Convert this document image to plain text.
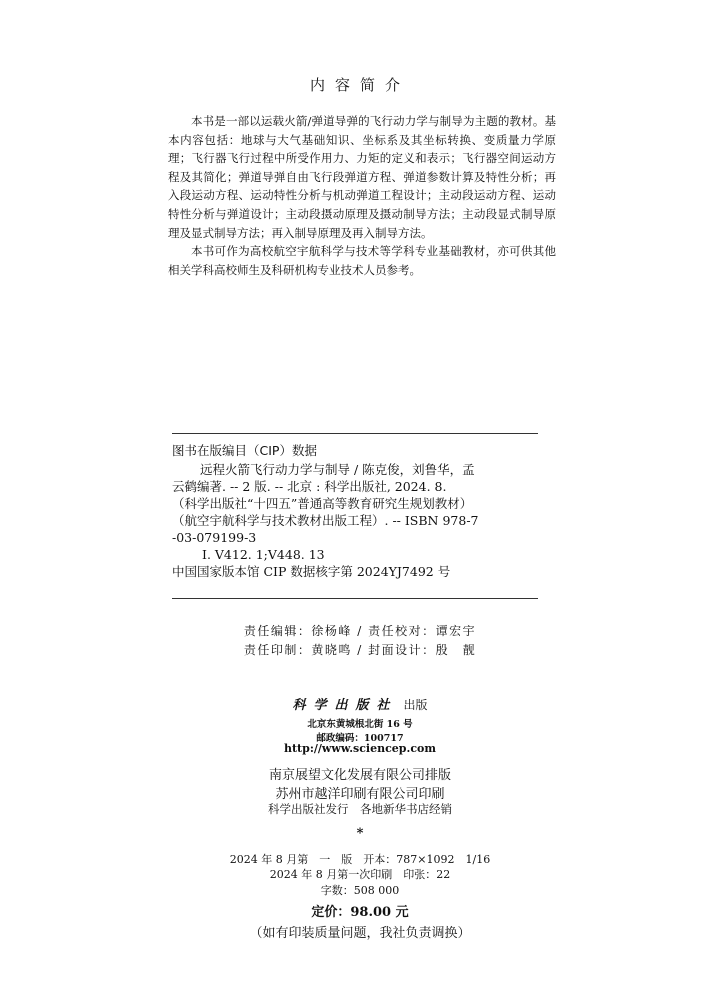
内容简介

本书是一部以运载火箭/弹道导弹的飞行动力学与制导为主题的教材。基本内容包括：地球与大气基础知识、坐标系及其坐标转换、变质量力学原理；飞行器飞行过程中所受作用力、力矩的定义和表示；飞行器空间运动方程及其简化；弹道导弹自由飞行段弹道方程、弹道参数计算及特性分析；再入段运动方程、运动特性分析与机动弹道工程设计；主动段运动方程、运动特性分析与弹道设计；主动段摄动原理及摄动制导方法；主动段显式制导原理及显式制导方法；再入制导原理及再入制导方法。

本书可作为高校航空宇航科学与技术等学科专业基础教材，亦可供其他相关学科高校师生及科研机构专业技术人员参考。

图书在版编目（CIP）数据
远程火箭飞行动力学与制导 / 陈克俊，刘鲁华，孟
云鹤编著. -- 2 版. -- 北京 : 科学出版社, 2024. 8.
（科学出版社“十四五”普通高等教育研究生规划教材）
（航空宇航科学与技术教材出版工程）. -- ISBN 978-7
-03-079199-3
Ⅰ. V412. 1;V448. 13
中国国家版本馆 CIP 数据核字第 2024YJ7492 号
责任编辑：徐杨峰 / 责任校对：谭宏宇
责任印制：黄晓鸣 / 封面设计：殷　靓
科学出版社 出版
北京东黄城根北街 16 号
邮政编码：100717
http://www.sciencep.com
南京展望文化发展有限公司排版
苏州市越洋印刷有限公司印刷
科学出版社发行　各地新华书店经销
*
2024 年 8 月第　一　版　开本：787×1092　1/16
2024 年 8 月第一次印刷　印张：22
字数：508 000
定价：98.00 元
（如有印装质量问题，我社负责调换）
